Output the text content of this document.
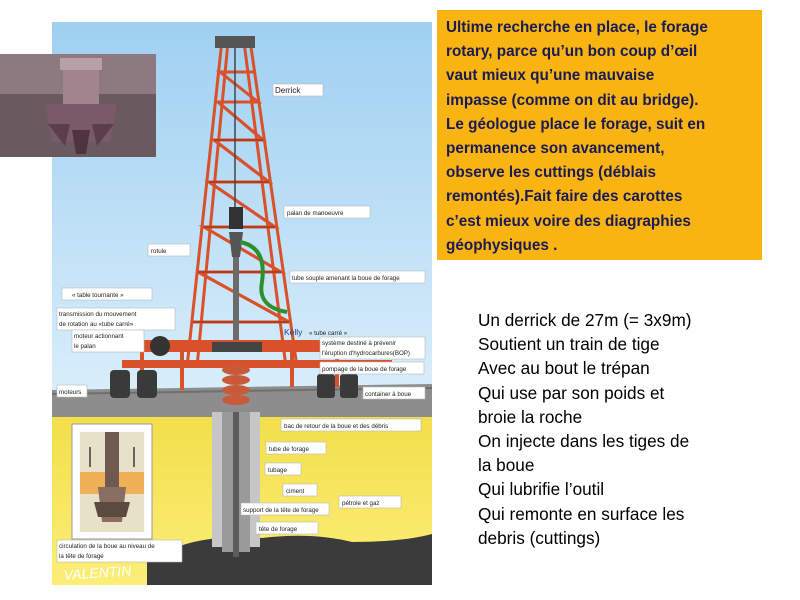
Derrick
palan de manoeuvre
rotule
tube souple amenant la boue de forage
« table tournante »
transmission du mouvement
de rotation au «tube carré»
Kelly « tube carré »
moteur actionnant
le palan	système destiné à prévenir
l'éruption d'hydrocarbures(BOP)
pompage de la boue de forage
moteurs	container à boue
bac de retour de la boue et des débris
tube de forage
tubage
ciment
support de la tête de forage
pétrole et gaz
tête de forage
circulation de la boue au niveau de
la tête de forage
VALENTIN

Ultime recherche en place, le forage

rotary, parce qu’un bon coup d’œil

vaut mieux qu’une mauvaise

impasse (comme on dit au bridge).

Le géologue place le forage, suit en

permanence son avancement,

observe les cuttings (déblais

remontés).Fait faire des carottes

c’est mieux voire des diagraphies

géophysiques .

Un derrick de 27m (= 3x9m)
Soutient un train de tige
Avec au bout le trépan
Qui use par son poids et
broie la roche
On injecte dans les tiges de
la boue
Qui lubrifie l’outil
Qui remonte en surface les
debris (cuttings)
